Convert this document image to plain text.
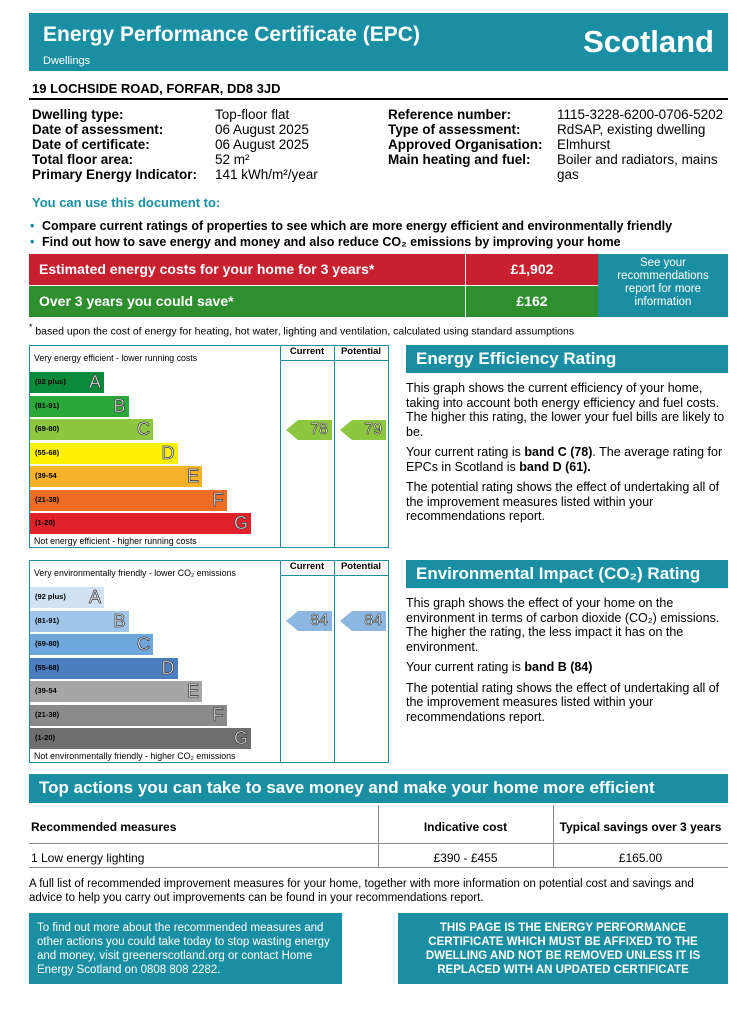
Energy Performance Certificate (EPC)
Dwellings
Scotland
19 LOCHSIDE ROAD, FORFAR, DD8 3JD
Dwelling type:	Top-floor flat
Date of assessment:	06 August 2025
Date of certificate:	06 August 2025
Total floor area:	52 m²
Primary Energy Indicator:	141 kWh/m²/year
Reference number:	1115-3228-6200-0706-5202
Type of assessment:	RdSAP, existing dwelling
Approved Organisation:	Elmhurst
Main heating and fuel:	Boiler and radiators, mains gas
You can use this document to:
• Compare current ratings of properties to see which are more energy efficient and environmentally friendly
• Find out how to save energy and money and also reduce CO₂ emissions by improving your home
Estimated energy costs for your home for 3 years*	£1,902
Over 3 years you could save*	£162
See your recommendations report for more information
* based upon the cost of energy for heating, hot water, lighting and ventilation, calculated using standard assumptions
Very energy efficient - lower running costs
Not energy efficient - higher running costs
Current	Potential
(92 plus) A
(81-91)	B
(69-80)	C
(55-68)	D
(39-54	E
(21-38)	F
(1-20)	G
78 79
Energy Efficiency Rating

This graph shows the current efficiency of your home, taking into account both energy efficiency and fuel costs. The higher this rating, the lower your fuel bills are likely to be.

Your current rating is band C (78). The average rating for EPCs in Scotland is band D (61).

The potential rating shows the effect of undertaking all of the improvement measures listed within your recommendations report.

Very environmentally friendly - lower CO₂ emissions
Not environmentally friendly - higher CO₂ emissions
Current	Potential
(92 plus) A
(81-91)	B
(69-80)	C
(55-68)	D
(39-54	E
(21-38)	F
(1-20)	G
84 84
Environmental Impact (CO₂) Rating

This graph shows the effect of your home on the environment in terms of carbon dioxide (CO₂) emissions. The higher the rating, the less impact it has on the environment.

Your current rating is band B (84)

The potential rating shows the effect of undertaking all of the improvement measures listed within your recommendations report.

Top actions you can take to save money and make your home more efficient
Recommended measures	Indicative cost	Typical savings over 3 years
1 Low energy lighting	£390 - £455	£165.00
A full list of recommended improvement measures for your home, together with more information on potential cost and savings and advice to help you carry out improvements can be found in your recommendations report.
To find out more about the recommended measures and other actions you could take today to stop wasting energy and money, visit greenerscotland.org or contact Home Energy Scotland on 0808 808 2282.
THIS PAGE IS THE ENERGY PERFORMANCE CERTIFICATE WHICH MUST BE AFFIXED TO THE DWELLING AND NOT BE REMOVED UNLESS IT IS REPLACED WITH AN UPDATED CERTIFICATE
